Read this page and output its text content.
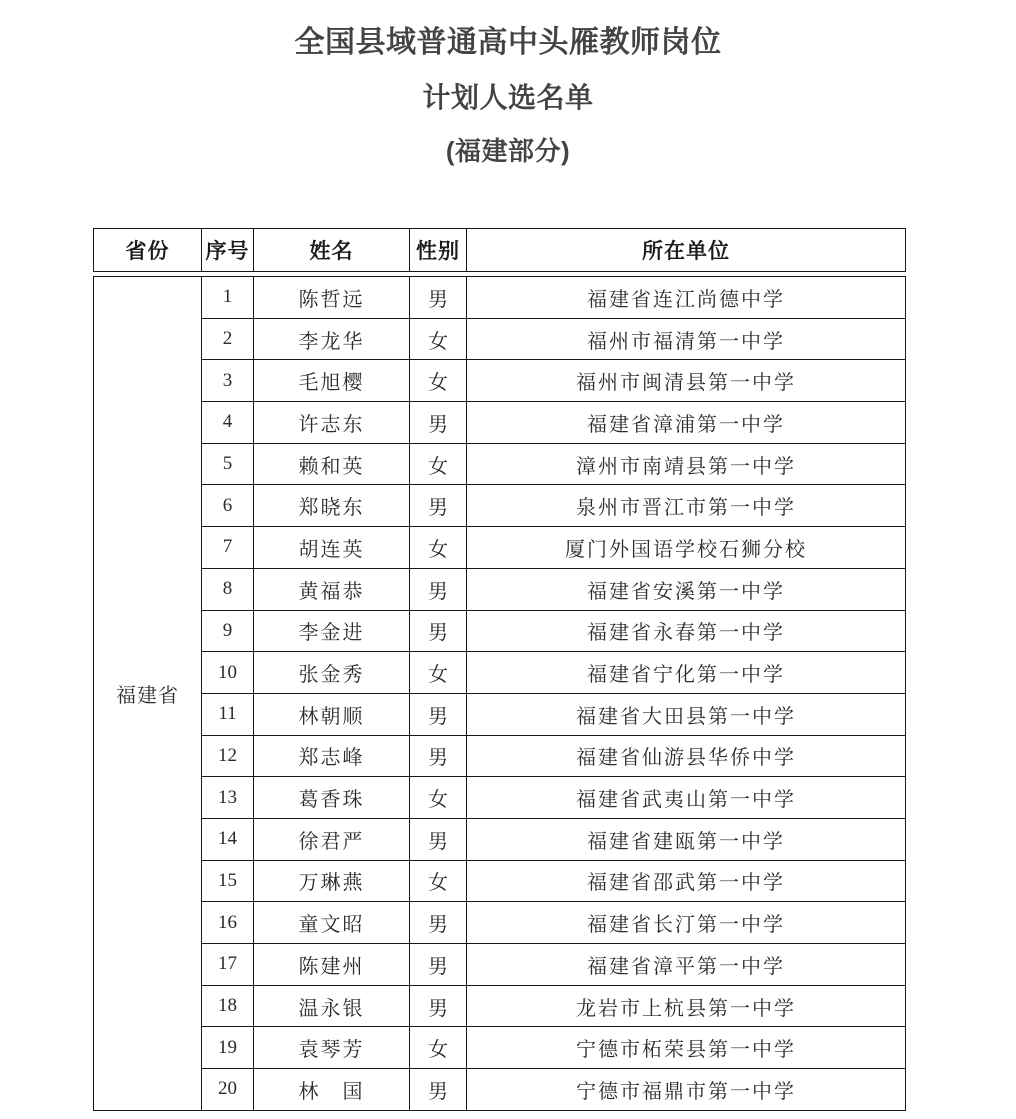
全国县域普通高中头雁教师岗位
计划人选名单
(福建部分)
省份	序号	姓名	性别	所在单位
福建省	1	陈哲远	男	福建省连江尚德中学
	2	李龙华	女	福州市福清第一中学
	3	毛旭樱	女	福州市闽清县第一中学
	4	许志东	男	福建省漳浦第一中学
	5	赖和英	女	漳州市南靖县第一中学
	6	郑晓东	男	泉州市晋江市第一中学
	7	胡连英	女	厦门外国语学校石狮分校
	8	黄福恭	男	福建省安溪第一中学
	9	李金进	男	福建省永春第一中学
	10	张金秀	女	福建省宁化第一中学
	11	林朝顺	男	福建省大田县第一中学
	12	郑志峰	男	福建省仙游县华侨中学
	13	葛香珠	女	福建省武夷山第一中学
	14	徐君严	男	福建省建瓯第一中学
	15	万琳燕	女	福建省邵武第一中学
	16	童文昭	男	福建省长汀第一中学
	17	陈建州	男	福建省漳平第一中学
	18	温永银	男	龙岩市上杭县第一中学
	19	袁琴芳	女	宁德市柘荣县第一中学
	20	林　国	男	宁德市福鼎市第一中学
